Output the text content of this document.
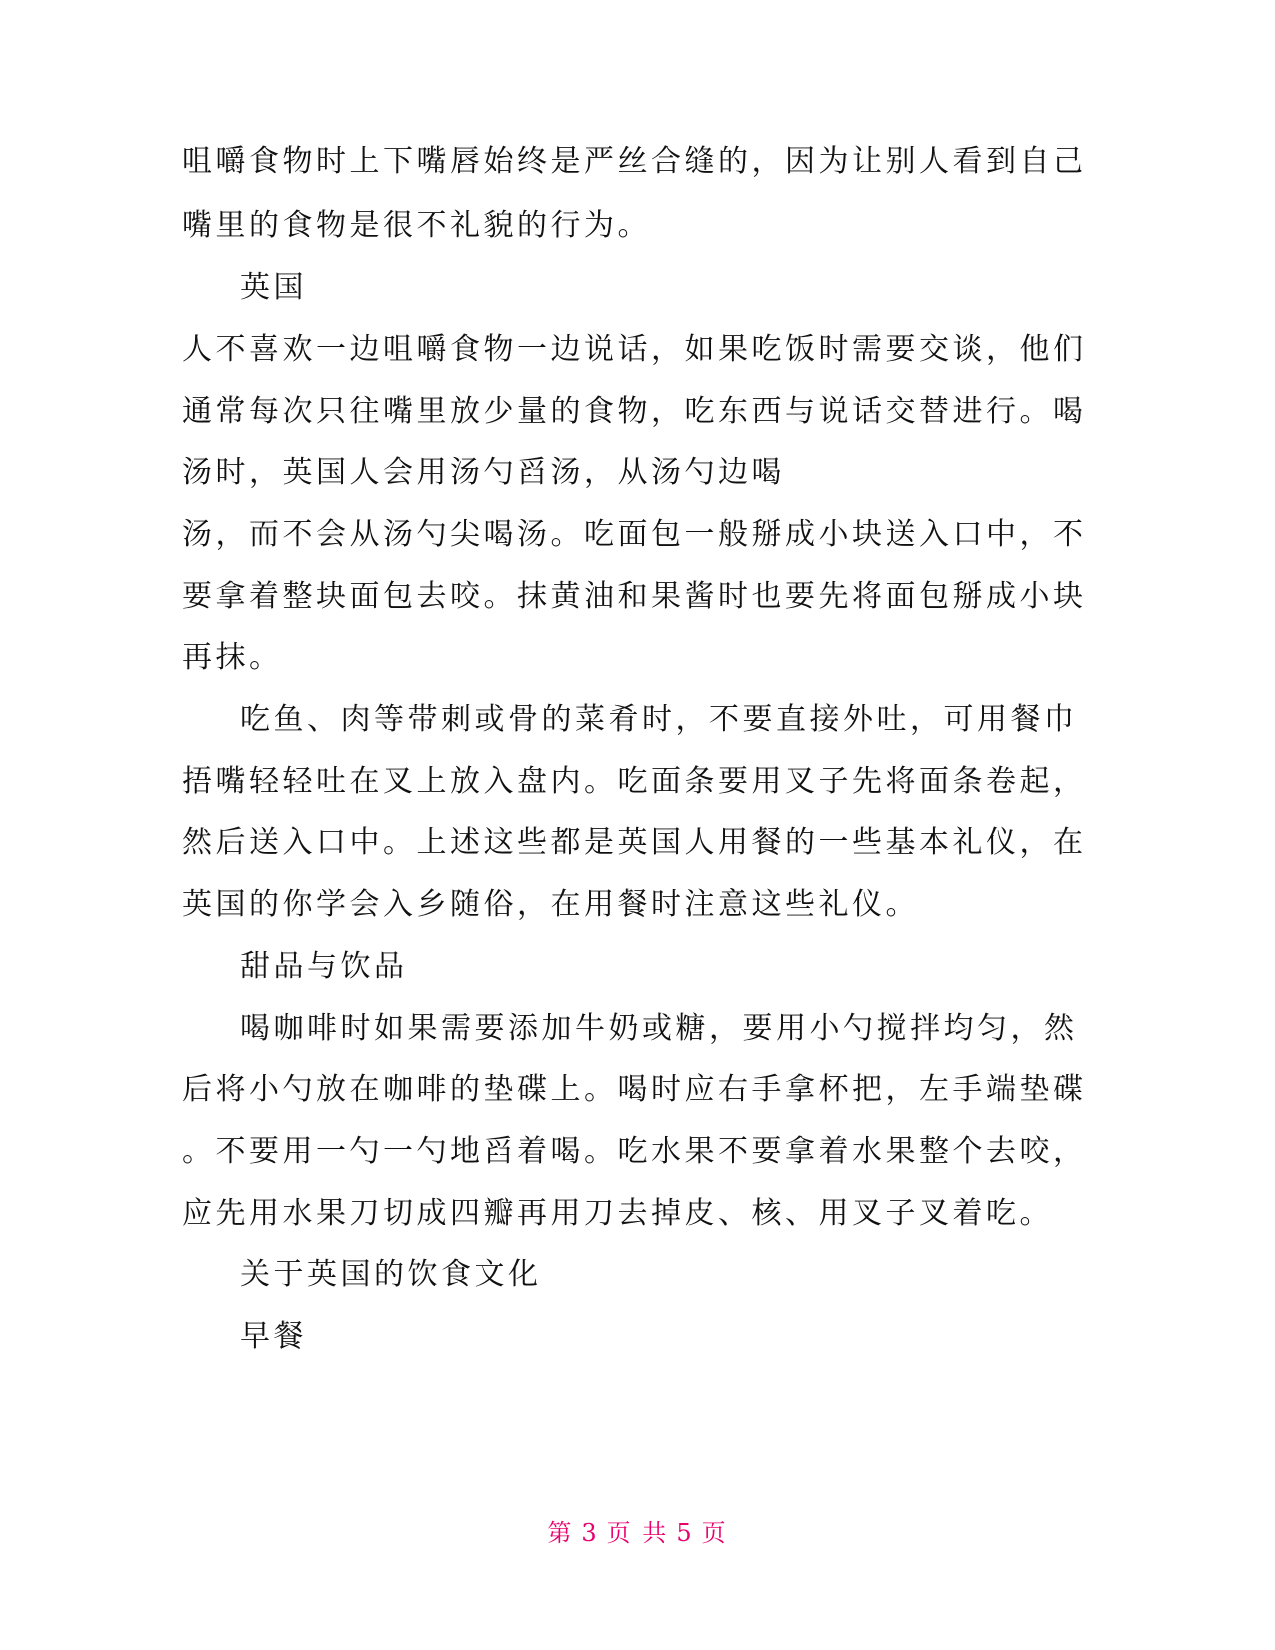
咀嚼食物时上下嘴唇始终是严丝合缝的，因为让别人看到自己
嘴里的食物是很不礼貌的行为。
英国
人不喜欢一边咀嚼食物一边说话，如果吃饭时需要交谈，他们
通常每次只往嘴里放少量的食物，吃东西与说话交替进行。喝
汤时，英国人会用汤勺舀汤，从汤勺边喝
汤，而不会从汤勺尖喝汤。吃面包一般掰成小块送入口中，不
要拿着整块面包去咬。抹黄油和果酱时也要先将面包掰成小块
再抹。
吃鱼、肉等带刺或骨的菜肴时，不要直接外吐，可用餐巾
捂嘴轻轻吐在叉上放入盘内。吃面条要用叉子先将面条卷起，
然后送入口中。上述这些都是英国人用餐的一些基本礼仪，在
英国的你学会入乡随俗，在用餐时注意这些礼仪。
甜品与饮品
喝咖啡时如果需要添加牛奶或糖，要用小勺搅拌均匀，然
后将小勺放在咖啡的垫碟上。喝时应右手拿杯把，左手端垫碟
。不要用一勺一勺地舀着喝。吃水果不要拿着水果整个去咬，
应先用水果刀切成四瓣再用刀去掉皮、核、用叉子叉着吃。
关于英国的饮食文化
早餐
第 3 页 共 5 页
